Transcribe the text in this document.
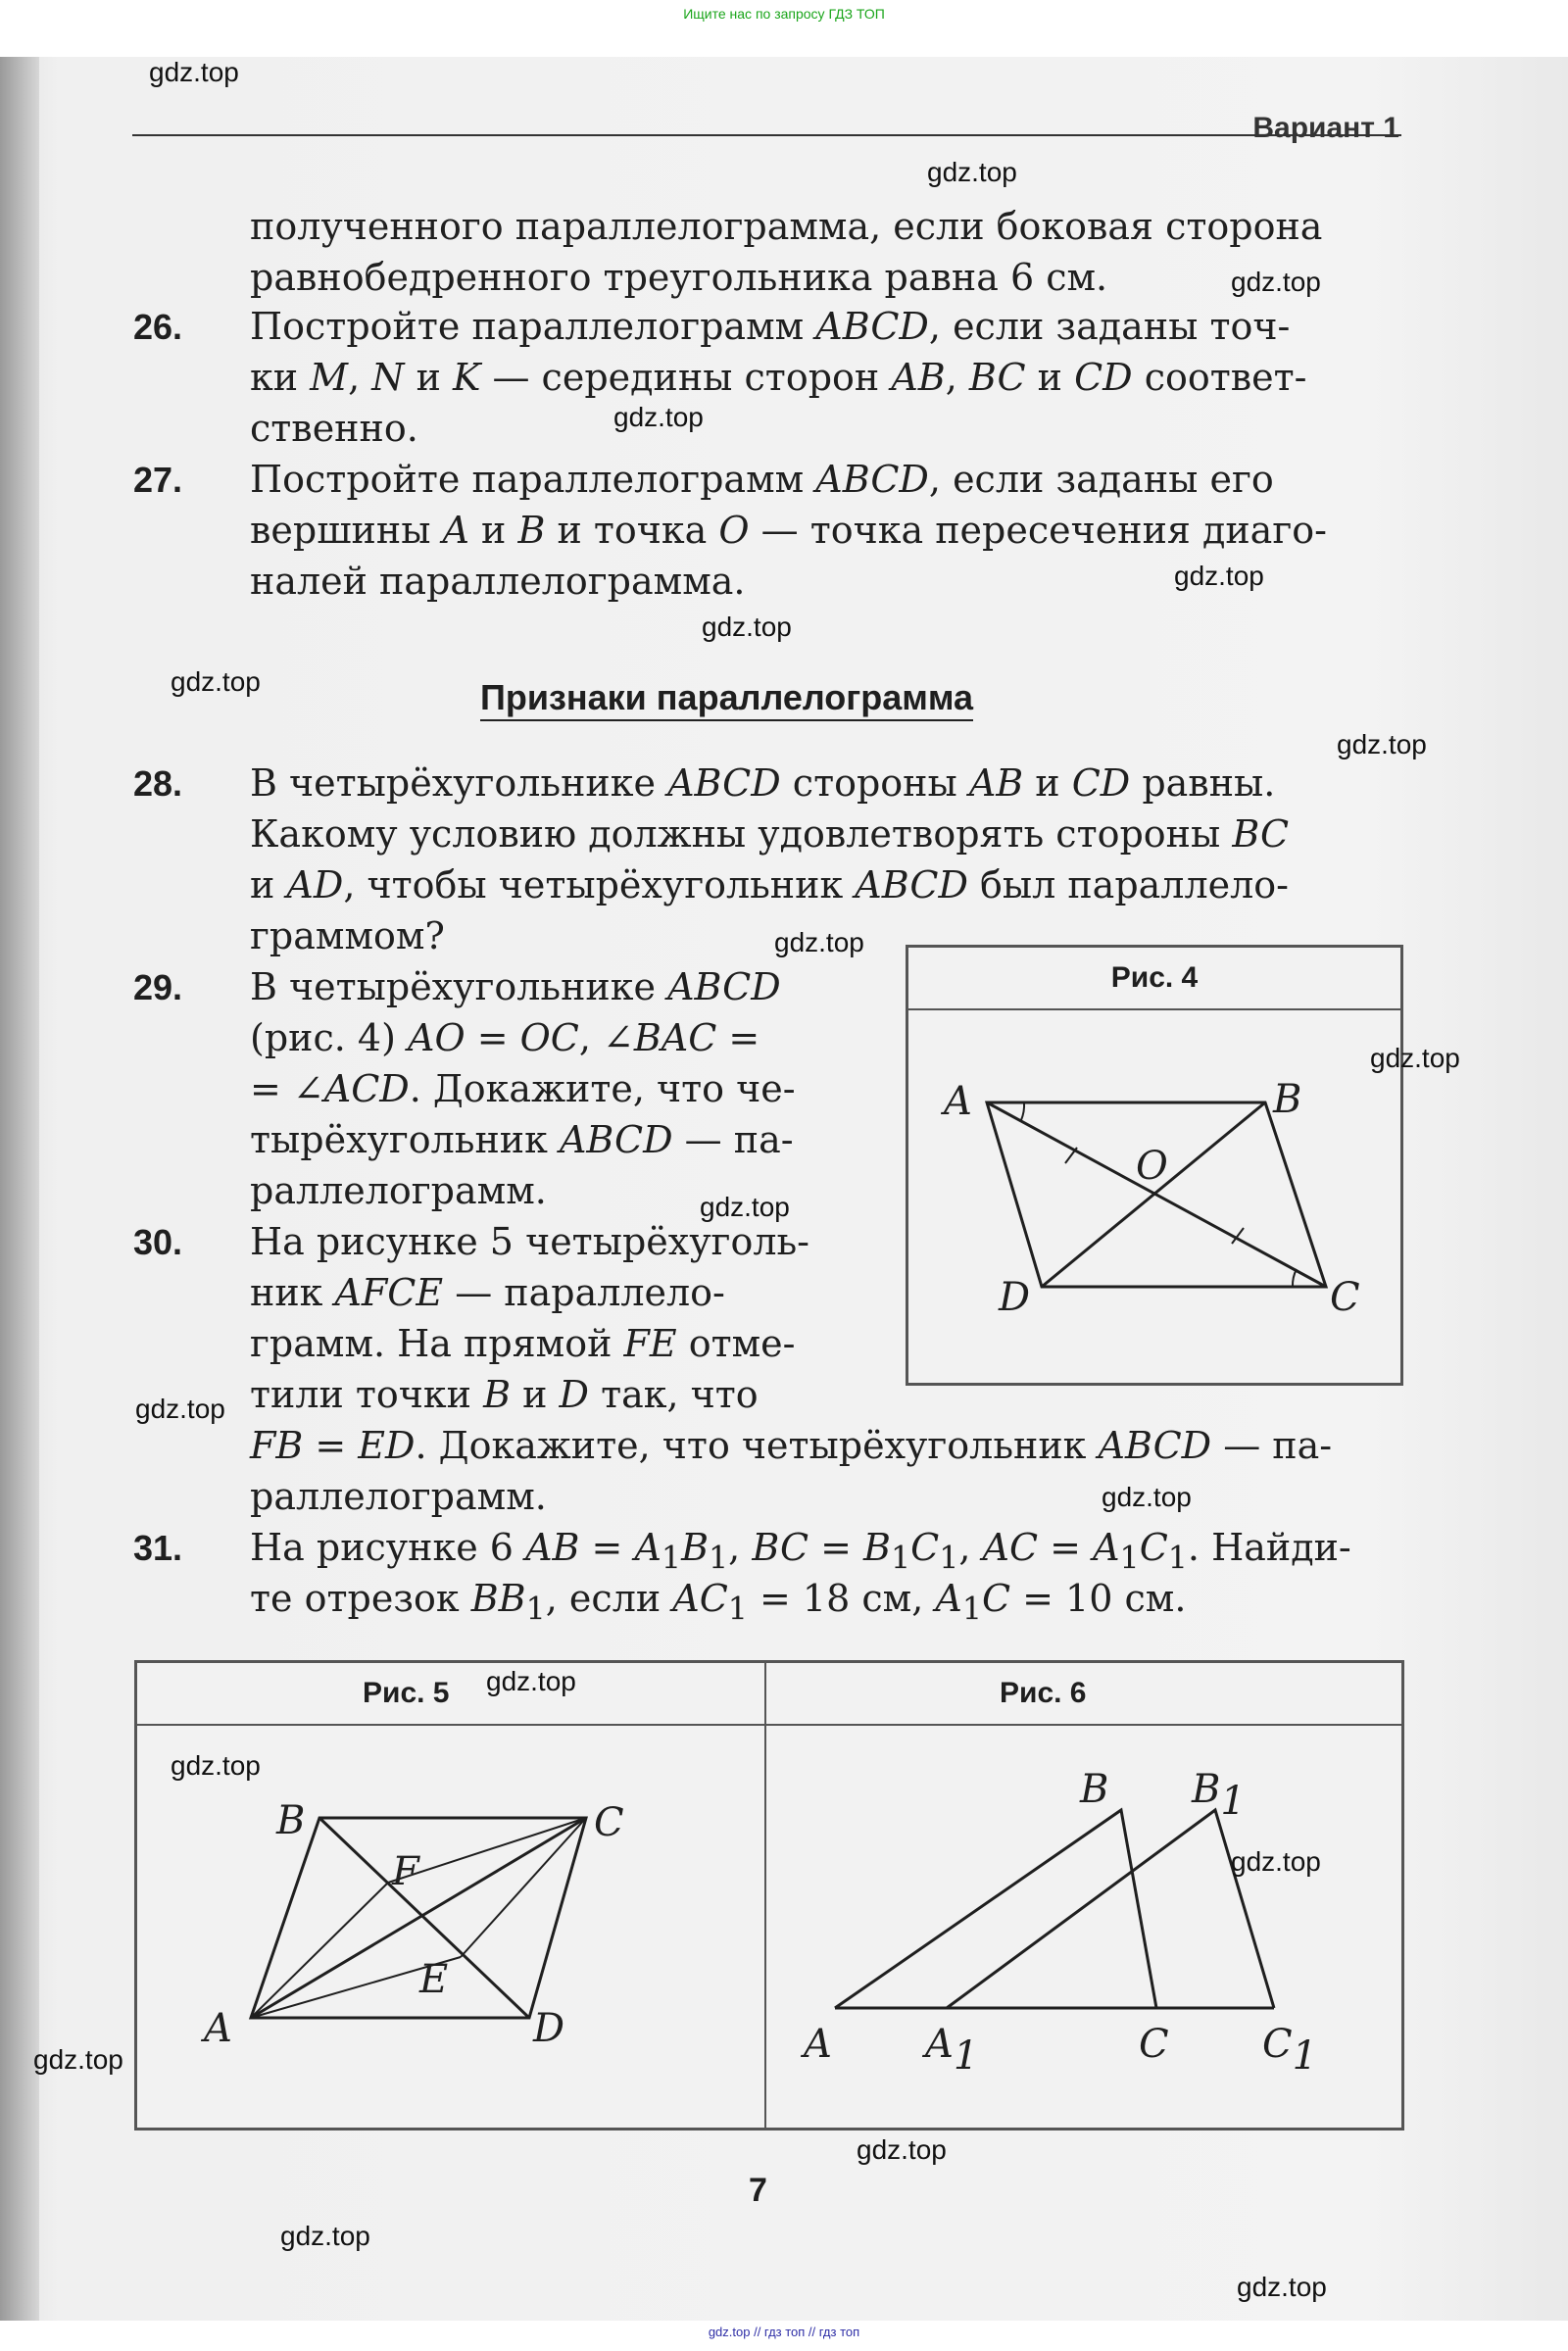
Ищите нас по запросу ГДЗ ТОП
Вариант 1
полученного параллелограмма, если боковая сторона
равнобедренного треугольника равна 6 см.
26. Постройте параллелограмм ABCD, если заданы точ-
ки M, N и K — середины сторон AB, BC и CD соответ-
ственно.
27. Постройте параллелограмм ABCD, если заданы его
вершины A и B и точка O — точка пересечения диаго-
налей параллелограмма.
Признаки параллелограмма
28. В четырёхугольнике ABCD стороны AB и CD равны.
Какому условию должны удовлетворять стороны BC
и AD, чтобы четырёхугольник ABCD был параллело-
граммом?
29. В четырёхугольнике ABCD
(рис. 4) AO = OC, ∠BAC =
= ∠ACD. Докажите, что че-
тырёхугольник ABCD — па-
раллелограмм.
30. На рисунке 5 четырёхуголь-
ник AFCE — параллело-
грамм. На прямой FE отме-
тили точки B и D так, что
FB = ED. Докажите, что четырёхугольник ABCD — па-
раллелограмм.
31. На рисунке 6 AB = $A_1B_1$, BC = $B_1C_1$, AC = $A_1C_1$. Найди-
те отрезок $BB_1$, если $AC_1 = 18$ см, $A_1C = 10$ см.
Рис. 4
A	B
C
D
O
Рис. 5	Рис. 6
B	C
A	D
F
E
A A1	C C1
B B1
7
gdz.top
gdz.top
gdz.top
gdz.top
gdz.top
gdz.top
gdz.top
gdz.top
gdz.top
gdz.top
gdz.top
gdz.top
gdz.top
gdz.top
gdz.top
gdz.top
gdz.top
gdz.top
gdz.top
gdz.top
gdz.top // гдз топ // гдз топ
